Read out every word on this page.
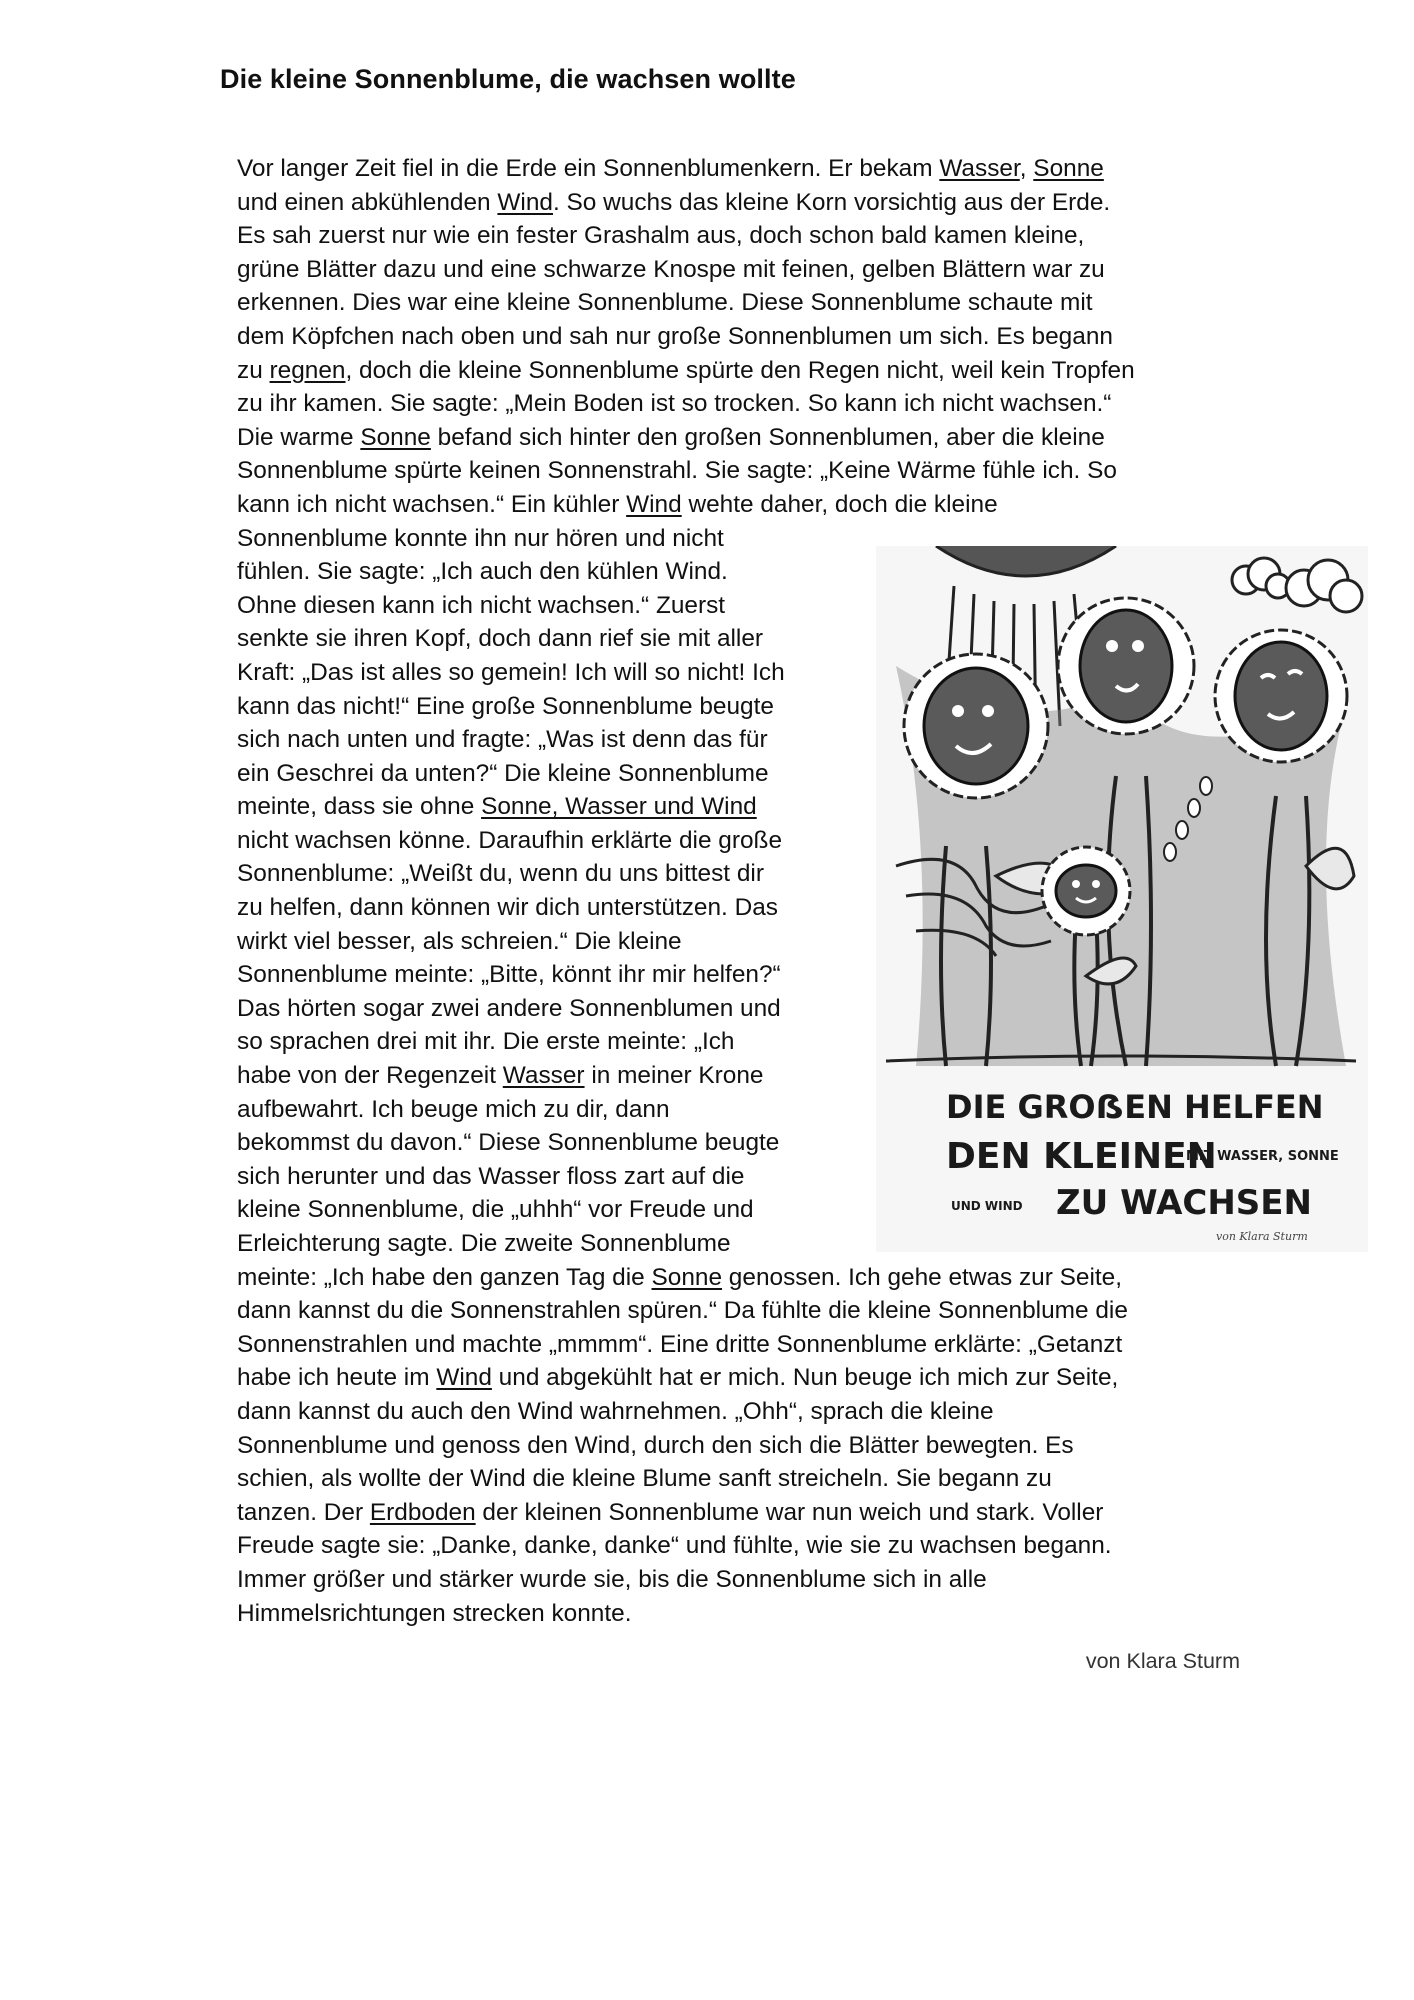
Die kleine Sonnenblume, die wachsen wollte
Vor langer Zeit fiel in die Erde ein Sonnenblumenkern. Er bekam Wasser, Sonne
und einen abkühlenden Wind. So wuchs das kleine Korn vorsichtig aus der Erde.
Es sah zuerst nur wie ein fester Grashalm aus, doch schon bald kamen kleine,
grüne Blätter dazu und eine schwarze Knospe mit feinen, gelben Blättern war zu
erkennen. Dies war eine kleine Sonnenblume. Diese Sonnenblume schaute mit
dem Köpfchen nach oben und sah nur große Sonnenblumen um sich. Es begann
zu regnen, doch die kleine Sonnenblume spürte den Regen nicht, weil kein Tropfen
zu ihr kamen. Sie sagte: „Mein Boden ist so trocken. So kann ich nicht wachsen.“
Die warme Sonne befand sich hinter den großen Sonnenblumen, aber die kleine
Sonnenblume spürte keinen Sonnenstrahl. Sie sagte: „Keine Wärme fühle ich. So
kann ich nicht wachsen.“ Ein kühler Wind wehte daher, doch die kleine
Sonnenblume konnte ihn nur hören und nicht
fühlen. Sie sagte: „Ich auch den kühlen Wind.
Ohne diesen kann ich nicht wachsen.“ Zuerst
senkte sie ihren Kopf, doch dann rief sie mit aller
Kraft: „Das ist alles so gemein! Ich will so nicht! Ich
kann das nicht!“ Eine große Sonnenblume beugte
sich nach unten und fragte: „Was ist denn das für
ein Geschrei da unten?“ Die kleine Sonnenblume
meinte, dass sie ohne Sonne, Wasser und Wind
nicht wachsen könne. Daraufhin erklärte die große
Sonnenblume: „Weißt du, wenn du uns bittest dir
zu helfen, dann können wir dich unterstützen. Das
wirkt viel besser, als schreien.“ Die kleine
Sonnenblume meinte: „Bitte, könnt ihr mir helfen?“
Das hörten sogar zwei andere Sonnenblumen und
so sprachen drei mit ihr. Die erste meinte: „Ich
habe von der Regenzeit Wasser in meiner Krone
aufbewahrt. Ich beuge mich zu dir, dann
bekommst du davon.“ Diese Sonnenblume beugte
sich herunter und das Wasser floss zart auf die
kleine Sonnenblume, die „uhhh“ vor Freude und
Erleichterung sagte. Die zweite Sonnenblume
meinte: „Ich habe den ganzen Tag die Sonne genossen. Ich gehe etwas zur Seite,
dann kannst du die Sonnenstrahlen spüren.“ Da fühlte die kleine Sonnenblume die
Sonnenstrahlen und machte „mmmm“. Eine dritte Sonnenblume erklärte: „Getanzt
habe ich heute im Wind und abgekühlt hat er mich. Nun beuge ich mich zur Seite,
dann kannst du auch den Wind wahrnehmen. „Ohh“, sprach die kleine
Sonnenblume und genoss den Wind, durch den sich die Blätter bewegten. Es
schien, als wollte der Wind die kleine Blume sanft streicheln. Sie begann zu
tanzen. Der Erdboden der kleinen Sonnenblume war nun weich und stark. Voller
Freude sagte sie: „Danke, danke, danke“ und fühlte, wie sie zu wachsen begann.
Immer größer und stärker wurde sie, bis die Sonnenblume sich in alle
Himmelsrichtungen strecken konnte.
DIE GROẞEN HELFEN
DEN KLEINEN
MIT WASSER, SONNE
UND WIND ZU WACHSEN
von Klara Sturm
von Klara Sturm
